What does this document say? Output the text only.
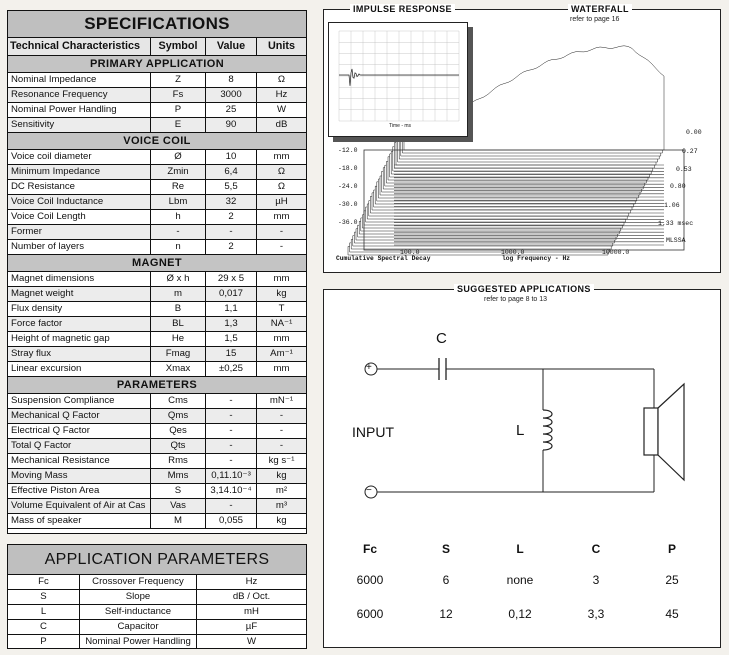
SPECIFICATIONS
Technical Characteristics	Symbol	Value	Units
PRIMARY APPLICATION
Nominal Impedance	Z	8	Ω
Resonance Frequency	Fs	3000	Hz
Nominal Power Handling	P	25	W
Sensitivity	E	90	dB
VOICE COIL
Voice coil diameter	Ø	10	mm
Minimum Impedance	Zmin	6,4	Ω
DC Resistance	Re	5,5	Ω
Voice Coil Inductance	Lbm	32	µH
Voice Coil Length	h	2	mm
Former	-	-	-
Number of layers	n	2	-
MAGNET
Magnet dimensions	Ø x h	29 x 5	mm
Magnet weight	m	0,017	kg
Flux density	B	1,1	T
Force factor	BL	1,3	NA⁻¹
Height of magnetic gap	He	1,5	mm
Stray flux	Fmag	15	Am⁻¹
Linear excursion	Xmax	±0,25	mm
PARAMETERS
Suspension Compliance	Cms	-	mN⁻¹
Mechanical Q Factor	Qms	-	-
Electrical Q Factor	Qes	-	-
Total Q Factor	Qts	-	-
Mechanical Resistance	Rms	-	kg s⁻¹
Moving Mass	Mms	0,11.10⁻³	kg
Effective Piston Area	S	3,14.10⁻⁴	m²
Volume Equivalent of Air at Cas	Vas	-	m³
Mass of speaker	M	0,055	kg
APPLICATION PARAMETERS
Fc	Crossover Frequency	Hz
S	Slope	dB / Oct.
L	Self-inductance	mH
C	Capacitor	µF
P	Nominal Power Handling	W
IMPULSE RESPONSE	WATERFALL
refer to page 16
-12.0
-18.0
-24.0
-30.0
-36.0
0.00
0.27
0.53
0.80
1.06
1.33 msec
100.0	1000.0	10000.0
MLSSA
Cumulative Spectral Decay	log Frequency - Hz
Time - ms
SUGGESTED APPLICATIONS
refer to page 8 to 13
+
−
C
L
INPUT
Fc	S	L	C	P
6000	6	none	3	25
6000	12	0,12	3,3	45
